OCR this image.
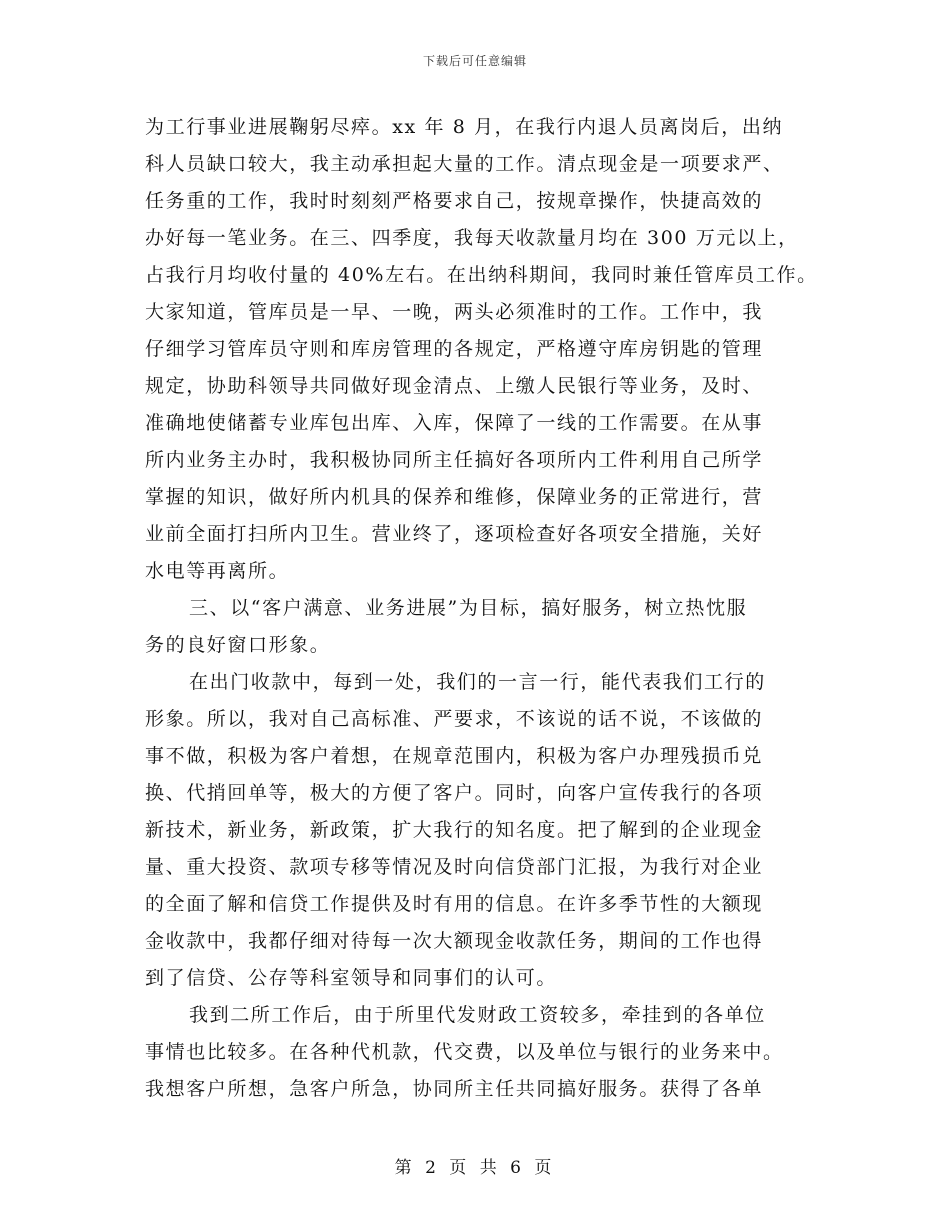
下载后可任意编辑
为工行事业进展鞠躬尽瘁。xx 年 8 月，在我行内退人员离岗后，出纳
科人员缺口较大，我主动承担起大量的工作。清点现金是一项要求严、
任务重的工作，我时时刻刻严格要求自己，按规章操作，快捷高效的
办好每一笔业务。在三、四季度，我每天收款量月均在 300 万元以上，
占我行月均收付量的 40%左右。在出纳科期间，我同时兼任管库员工作。
大家知道，管库员是一早、一晚，两头必须准时的工作。工作中，我
仔细学习管库员守则和库房管理的各规定，严格遵守库房钥匙的管理
规定，协助科领导共同做好现金清点、上缴人民银行等业务，及时、
准确地使储蓄专业库包出库、入库，保障了一线的工作需要。在从事
所内业务主办时，我积极协同所主任搞好各项所内工件利用自己所学
掌握的知识，做好所内机具的保养和维修，保障业务的正常进行，营
业前全面打扫所内卫生。营业终了，逐项检查好各项安全措施，关好
水电等再离所。
三、以“客户满意、业务进展”为目标，搞好服务，树立热忱服
务的良好窗口形象。
在出门收款中，每到一处，我们的一言一行，能代表我们工行的
形象。所以，我对自己高标准、严要求，不该说的话不说，不该做的
事不做，积极为客户着想，在规章范围内，积极为客户办理残损币兑
换、代捎回单等，极大的方便了客户。同时，向客户宣传我行的各项
新技术，新业务，新政策，扩大我行的知名度。把了解到的企业现金
量、重大投资、款项专移等情况及时向信贷部门汇报，为我行对企业
的全面了解和信贷工作提供及时有用的信息。在许多季节性的大额现
金收款中，我都仔细对待每一次大额现金收款任务，期间的工作也得
到了信贷、公存等科室领导和同事们的认可。
我到二所工作后，由于所里代发财政工资较多，牵挂到的各单位
事情也比较多。在各种代机款，代交费，以及单位与银行的业务来中。
我想客户所想，急客户所急，协同所主任共同搞好服务。获得了各单
第 2 页 共 6 页
